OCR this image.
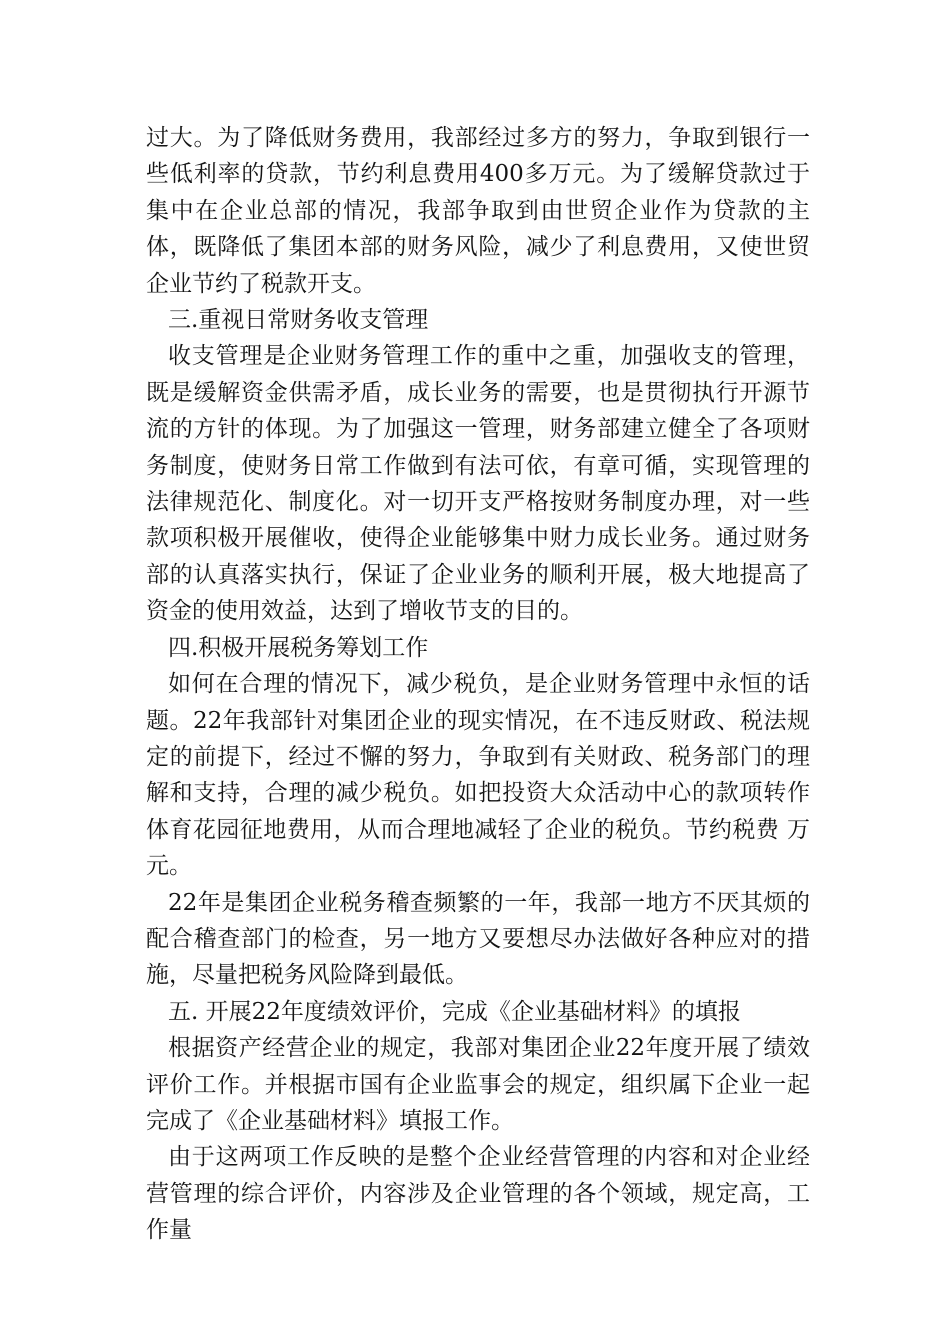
过大。为了降低财务费用，我部经过多方的努力，争取到银行一些低利率的贷款，节约利息费用400多万元。为了缓解贷款过于集中在企业总部的情况，我部争取到由世贸企业作为贷款的主体，既降低了集团本部的财务风险，减少了利息费用，又使世贸企业节约了税款开支。

三.重视日常财务收支管理

收支管理是企业财务管理工作的重中之重，加强收支的管理，既是缓解资金供需矛盾，成长业务的需要，也是贯彻执行开源节流的方针的体现。为了加强这一管理，财务部建立健全了各项财务制度，使财务日常工作做到有法可依，有章可循，实现管理的法律规范化、制度化。对一切开支严格按财务制度办理，对一些款项积极开展催收，使得企业能够集中财力成长业务。通过财务部的认真落实执行，保证了企业业务的顺利开展，极大地提高了资金的使用效益，达到了增收节支的目的。

四.积极开展税务筹划工作

如何在合理的情况下，减少税负，是企业财务管理中永恒的话题。22年我部针对集团企业的现实情况，在不违反财政、税法规定的前提下，经过不懈的努力，争取到有关财政、税务部门的理解和支持，合理的减少税负。如把投资大众活动中心的款项转作体育花园征地费用，从而合理地减轻了企业的税负。节约税费 万元。

22年是集团企业税务稽查频繁的一年，我部一地方不厌其烦的配合稽查部门的检查，另一地方又要想尽办法做好各种应对的措施，尽量把税务风险降到最低。

五. 开展22年度绩效评价，完成《企业基础材料》的填报

根据资产经营企业的规定，我部对集团企业22年度开展了绩效评价工作。并根据市国有企业监事会的规定，组织属下企业一起完成了《企业基础材料》填报工作。

由于这两项工作反映的是整个企业经营管理的内容和对企业经营管理的综合评价，内容涉及企业管理的各个领域，规定高，工作量
